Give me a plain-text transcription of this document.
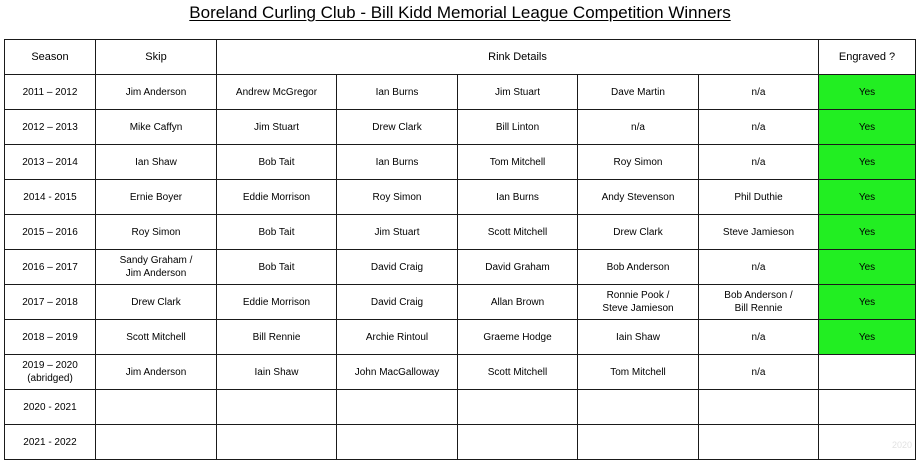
Boreland Curling Club - Bill Kidd Memorial League Competition Winners
Season	Skip	Rink Details					Engraved ?
2011 – 2012	Jim Anderson	Andrew McGregor	Ian Burns	Jim Stuart	Dave Martin	n/a	Yes
2012 – 2013	Mike Caffyn	Jim Stuart	Drew Clark	Bill Linton	n/a	n/a	Yes
2013 – 2014	Ian Shaw	Bob Tait	Ian Burns	Tom Mitchell	Roy Simon	n/a	Yes
2014 - 2015	Ernie Boyer	Eddie Morrison	Roy Simon	Ian Burns	Andy Stevenson	Phil Duthie	Yes
2015 – 2016	Roy Simon	Bob Tait	Jim Stuart	Scott Mitchell	Drew Clark	Steve Jamieson	Yes
2016 – 2017	Sandy Graham /
Jim Anderson	Bob Tait	David Craig	David Graham	Bob Anderson	n/a	Yes
2017 – 2018	Drew Clark	Eddie Morrison	David Craig	Allan Brown	Ronnie Pook /
Steve Jamieson	Bob Anderson /
Bill Rennie	Yes
2018 – 2019	Scott Mitchell	Bill Rennie	Archie Rintoul	Graeme Hodge	Iain Shaw	n/a	Yes
2019 – 2020
(abridged)	Jim Anderson	Iain Shaw	John MacGalloway	Scott Mitchell	Tom Mitchell	n/a	
2020 - 2021							
2021 - 2022								2020
